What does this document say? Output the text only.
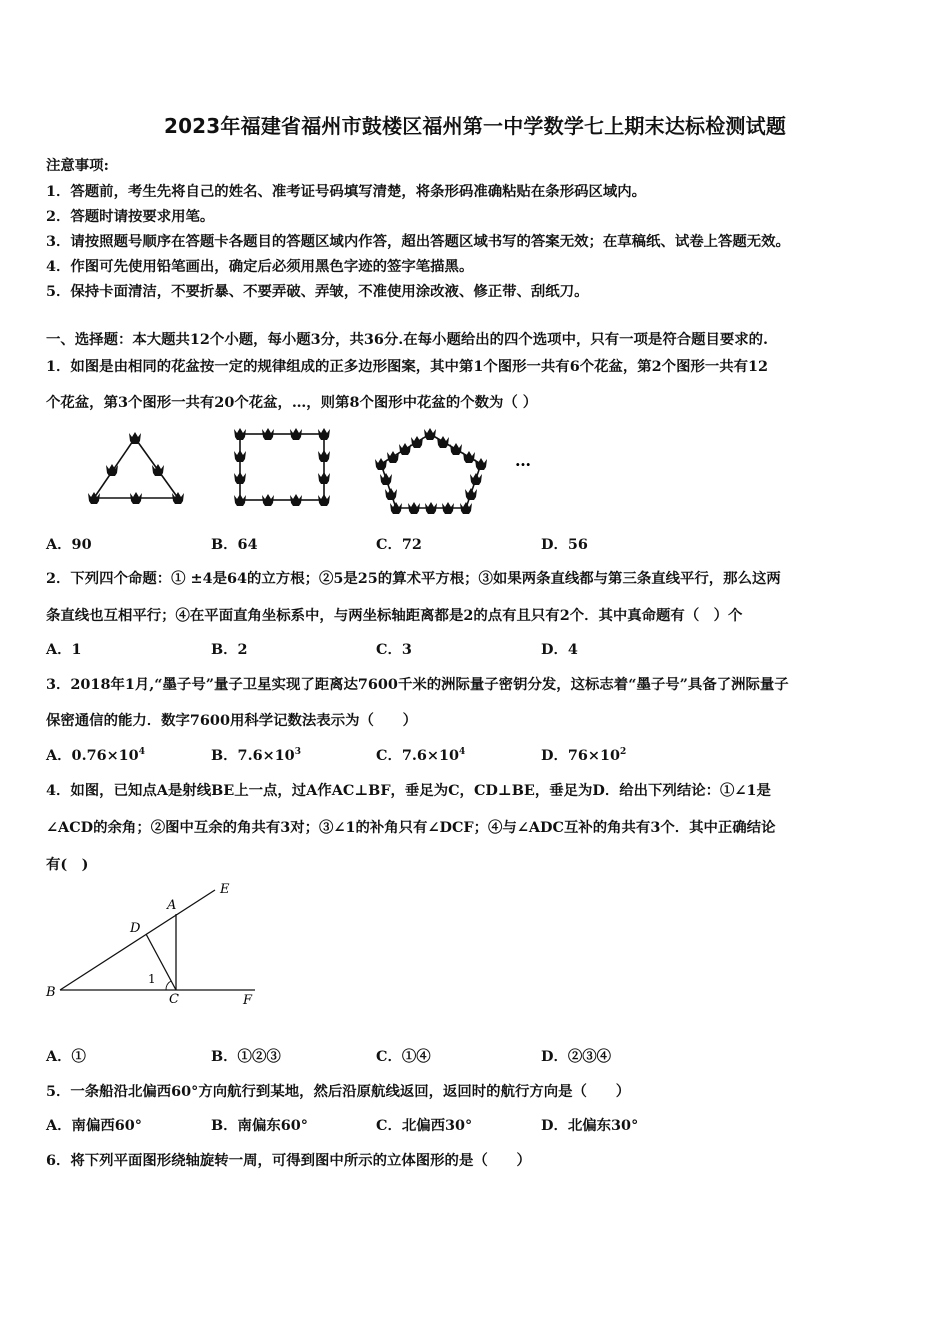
2023年福建省福州市鼓楼区福州第一中学数学七上期末达标检测试题
注意事项:
1．答题前，考生先将自己的姓名、准考证号码填写清楚，将条形码准确粘贴在条形码区域内。
2．答题时请按要求用笔。
3．请按照题号顺序在答题卡各题目的答题区域内作答，超出答题区域书写的答案无效；在草稿纸、试卷上答题无效。
4．作图可先使用铅笔画出，确定后必须用黑色字迹的签字笔描黑。
5．保持卡面清洁，不要折暴、不要弄破、弄皱，不准使用涂改液、修正带、刮纸刀。
一、选择题：本大题共12个小题，每小题3分，共36分.在每小题给出的四个选项中，只有一项是符合题目要求的.
1．如图是由相同的花盆按一定的规律组成的正多边形图案，其中第1个图形一共有6个花盆，第2个图形一共有12
个花盆，第3个图形一共有20个花盆，…，则第8个图形中花盆的个数为（ ）
…
A．90	B．64	C．72	D．56
2．下列四个命题：① ±4是64的立方根；②5是25的算术平方根；③如果两条直线都与第三条直线平行，那么这两
条直线也互相平行；④在平面直角坐标系中，与两坐标轴距离都是2的点有且只有2个．其中真命题有（　）个
A．1	B．2	C．3	D．4
3．2018年1月,“墨子号”量子卫星实现了距离达7600千米的洲际量子密钥分发，这标志着“墨子号”具备了洲际量子
保密通信的能力．数字7600用科学记数法表示为（　　）
A．$0.76\times 10^4$	B．$7.6\times 10^3$	C．$7.6\times 10^4$	D．$76\times 10^2$
4．如图，已知点A是射线BE上一点，过A作AC⊥BF，垂足为C，CD⊥BE，垂足为D．给出下列结论：①∠1是
∠ACD的余角；②图中互余的角共有3对；③∠1的补角只有∠DCF；④与∠ADC互补的角共有3个．其中正确结论
有(　)
E
A
D
1
B	C	F
A．①	B．①②③	C．①④	D．②③④
5．一条船沿北偏西60°方向航行到某地，然后沿原航线返回，返回时的航行方向是（　　）
A．南偏西60°	B．南偏东60°	C．北偏西30°	D．北偏东30°
6．将下列平面图形绕轴旋转一周，可得到图中所示的立体图形的是（　　）
